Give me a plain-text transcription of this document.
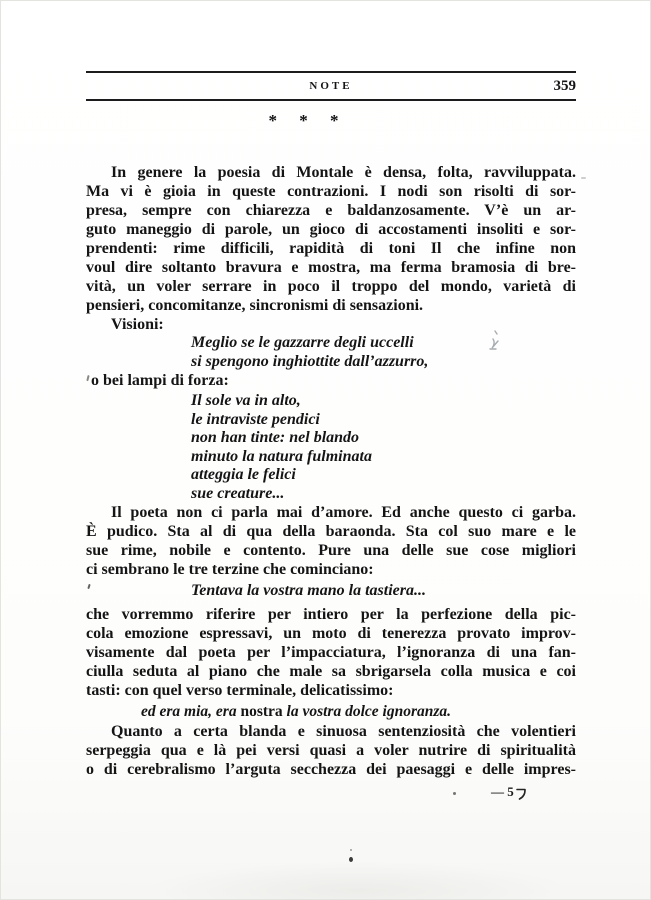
NOTE	359
* * *
In genere la poesia di Montale è densa, folta, ravviluppata.
Ma vi è gioia in queste contrazioni. I nodi son risolti di sor-
presa, sempre con chiarezza e baldanzosamente. V’è un ar-
guto maneggio di parole, un gioco di accostamenti insoliti e sor-
prendenti: rime difficili, rapidità di toni Il che infine non
voul dire soltanto bravura e mostra, ma ferma bramosia di bre-
vità, un voler serrare in poco il troppo del mondo, varietà di
pensieri, concomitanze, sincronismi di sensazioni.
Visioni:
Meglio se le gazzarre degli uccelli
si spengono inghiottite dall’azzurro,
o bei lampi di forza:
Il sole va in alto,
le intraviste pendici
non han tinte: nel blando
minuto la natura fulminata
atteggia le felici
sue creature...
Il poeta non ci parla mai d’amore. Ed anche questo ci garba.
È pudico. Sta al di qua della baraonda. Sta col suo mare e le
sue rime, nobile e contento. Pure una delle sue cose migliori
ci sembrano le tre terzine che cominciano:
Tentava la vostra mano la tastiera...
che vorremmo riferire per intiero per la perfezione della pic-
cola emozione espressavi, un moto di tenerezza provato improv-
visamente dal poeta per l’impacciatura, l’ignoranza di una fan-
ciulla seduta al piano che male sa sbrigarsela colla musica e coi
tasti: con quel verso terminale, delicatissimo:
ed era mia, era nostra la vostra dolce ignoranza.
Quanto a certa blanda e sinuosa sentenziosità che volentieri
serpeggia qua e là pei versi quasi a voler nutrire di spiritualità
o di cerebralismo l’arguta secchezza dei paesaggi e delle impres-
— 5
